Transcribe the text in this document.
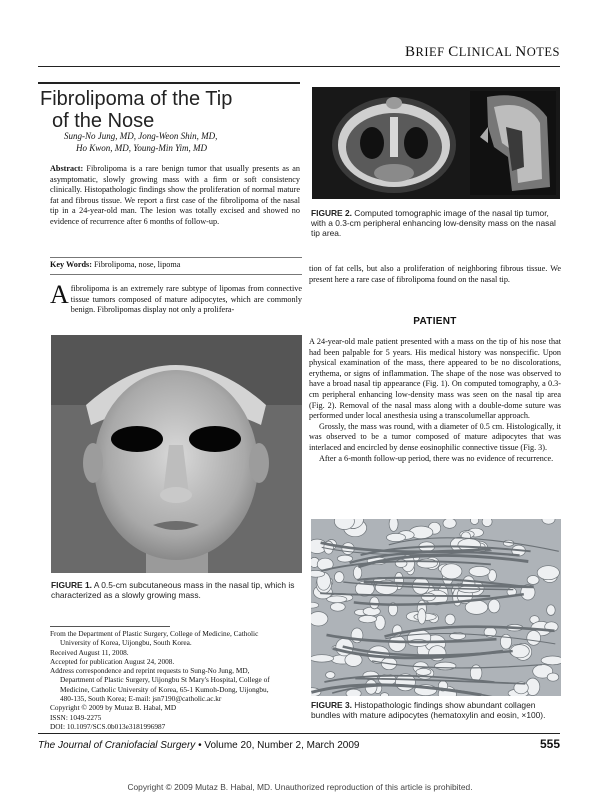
BRIEF CLINICAL NOTES
Fibrolipoma of the Tip
of the Nose
Sung-No Jung, MD, Jong-Weon Shin, MD,
Ho Kwon, MD, Young-Min Yim, MD
Abstract: Fibrolipoma is a rare benign tumor that usually presents as an asymptomatic, slowly growing mass with a firm or soft consistency clinically. Histopathologic findings show the proliferation of normal mature fat and fibrous tissue. We report a first case of the fibrolipoma of the nasal tip in a 24-year-old man. The lesion was totally excised and showed no evidence of recurrence after 6 months of follow-up.
Key Words: Fibrolipoma, nose, lipoma
A fibrolipoma is an extremely rare subtype of lipomas from connective tissue tumors composed of mature adipocytes, which are commonly benign. Fibrolipomas display not only a prolifera-
FIGURE 2. Computed tomographic image of the nasal tip tumor, with a 0.3-cm peripheral enhancing low-density mass on the nasal tip area.
tion of fat cells, but also a proliferation of neighboring fibrous tissue. We present here a rare case of fibrolipoma found on the nasal tip.
PATIENT

A 24-year-old male patient presented with a mass on the tip of his nose that had been palpable for 5 years. His medical history was nonspecific. Upon physical examination of the mass, there appeared to be no discolorations, erythema, or signs of inflammation. The shape of the nose was observed to have a broad nasal tip appearance (Fig. 1). On computed tomography, a 0.3-cm peripheral enhancing low-density mass was seen on the nasal tip area (Fig. 2). Removal of the nasal mass along with a double-dome suture was performed under local anesthesia using a transcolumellar approach.

Grossly, the mass was round, with a diameter of 0.5 cm. Histologically, it was observed to be a tumor composed of mature adipocytes that was interlaced and encircled by dense eosinophilic connective tissue (Fig. 3).

After a 6-month follow-up period, there was no evidence of recurrence.

FIGURE 1. A 0.5-cm subcutaneous mass in the nasal tip, which is characterized as a slowly growing mass.
From the Department of Plastic Surgery, College of Medicine, Catholic
University of Korea, Uijongbu, South Korea.
Received August 11, 2008.
Accepted for publication August 24, 2008.
Address correspondence and reprint requests to Sung-No Jung, MD,
Department of Plastic Surgery, Uijongbu St Mary's Hospital, College of
Medicine, Catholic University of Korea, 65-1 Kumoh-Dong, Uijongbu,
480-135, South Korea; E-mail: jsn7190@catholic.ac.kr
Copyright © 2009 by Mutaz B. Habal, MD
ISSN: 1049-2275
DOI: 10.1097/SCS.0b013e3181996987
FIGURE 3. Histopathologic findings show abundant collagen bundles with mature adipocytes (hematoxylin and eosin, ×100).
The Journal of Craniofacial Surgery • Volume 20, Number 2, March 2009	555
Copyright © 2009 Mutaz B. Habal, MD. Unauthorized reproduction of this article is prohibited.
